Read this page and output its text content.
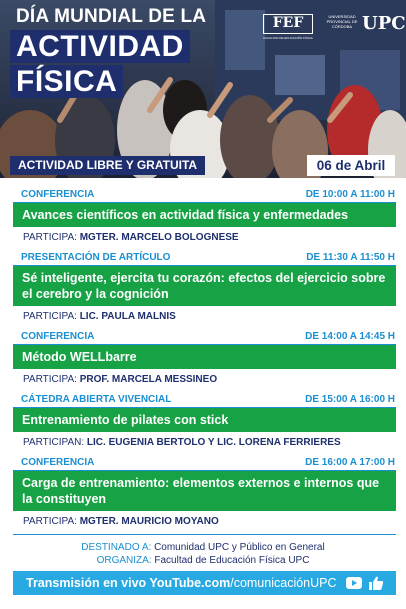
DÍA MUNDIAL DE LA
ACTIVIDAD
FÍSICA
FEF
FACULTAD DE EDUCACIÓN FÍSICA
UNIVERSIDAD PROVINCIAL DE CÓRDOBA UPC
ACTIVIDAD LIBRE Y GRATUITA	06 de Abril
CONFERENCIA	DE 10:00 A 11:00 H
Avances científicos en actividad física y enfermedades
PARTICIPA: MGTER. MARCELO BOLOGNESE
PRESENTACIÓN DE ARTÍCULO	DE 11:30 A 11:50 H
Sé inteligente, ejercita tu corazón: efectos del ejercicio sobre el cerebro y la cognición
PARTICIPA: LIC. PAULA MALNIS
CONFERENCIA	DE 14:00 A 14:45 H
Método WELLbarre
PARTICIPA: PROF. MARCELA MESSINEO
CÁTEDRA ABIERTA VIVENCIAL	DE 15:00 A 16:00 H
Entrenamiento de pilates con stick
PARTICIPAN: LIC. EUGENIA BERTOLO Y LIC. LORENA FERRIERES
CONFERENCIA	DE 16:00 A 17:00 H
Carga de entrenamiento: elementos externos e internos que la constituyen
PARTICIPA: MGTER. MAURICIO MOYANO
DESTINADO A: Comunidad UPC y Público en General
ORGANIZA: Facultad de Educación Física UPC
Transmisión en vivo YouTube.com/comunicaciónUPC
